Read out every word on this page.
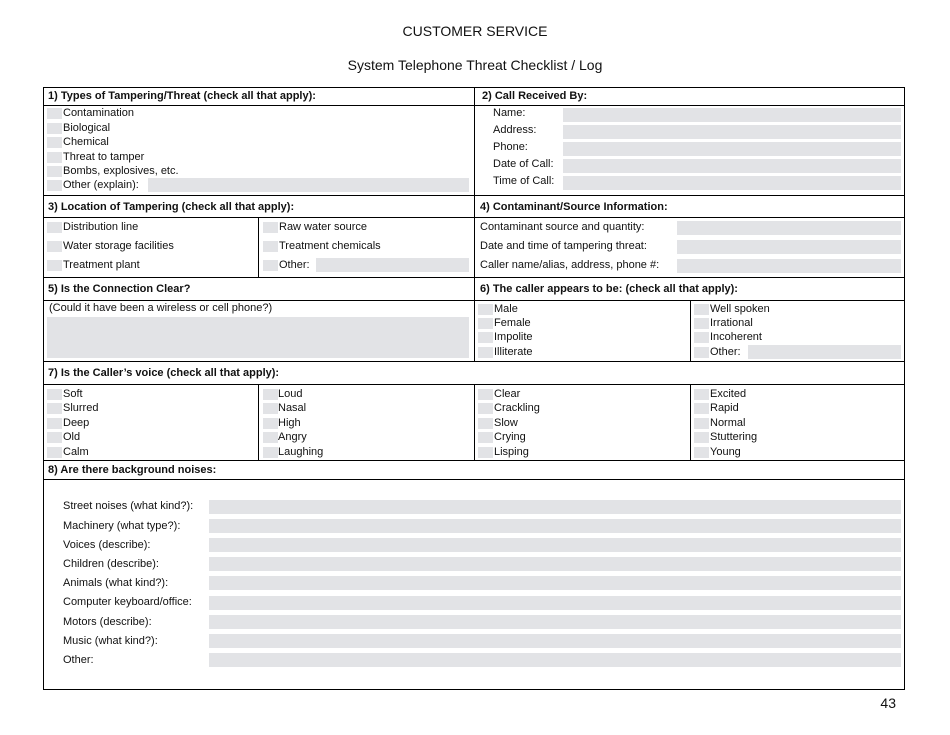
CUSTOMER SERVICE
System Telephone Threat Checklist / Log
1) Types of Tampering/Threat (check all that apply):
Contamination
Biological
Chemical
Threat to tamper
Bombs, explosives, etc.
Other (explain):
2) Call Received By:
Name:
Address:
Phone:
Date of Call:
Time of Call:
3) Location of Tampering (check all that apply):
Distribution line
Water storage facilities
Treatment plant
Raw water source
Treatment chemicals
Other:
4) Contaminant/Source Information:
Contaminant source and quantity:
Date and time of tampering threat:
Caller name/alias, address, phone #:
5) Is the Connection Clear?
(Could it have been a wireless or cell phone?)
6) The caller appears to be: (check all that apply):
Male
Female
Impolite
Illiterate
Well spoken
Irrational
Incoherent
Other:
7) Is the Caller’s voice (check all that apply):
Soft
Slurred
Deep
Old
Calm
Loud
Nasal
High
Angry
Laughing
Clear
Crackling
Slow
Crying
Lisping
Excited
Rapid
Normal
Stuttering
Young
8) Are there background noises:
Street noises (what kind?):
Machinery (what type?):
Voices (describe):
Children (describe):
Animals (what kind?):
Computer keyboard/office:
Motors (describe):
Music (what kind?):
Other:
43
